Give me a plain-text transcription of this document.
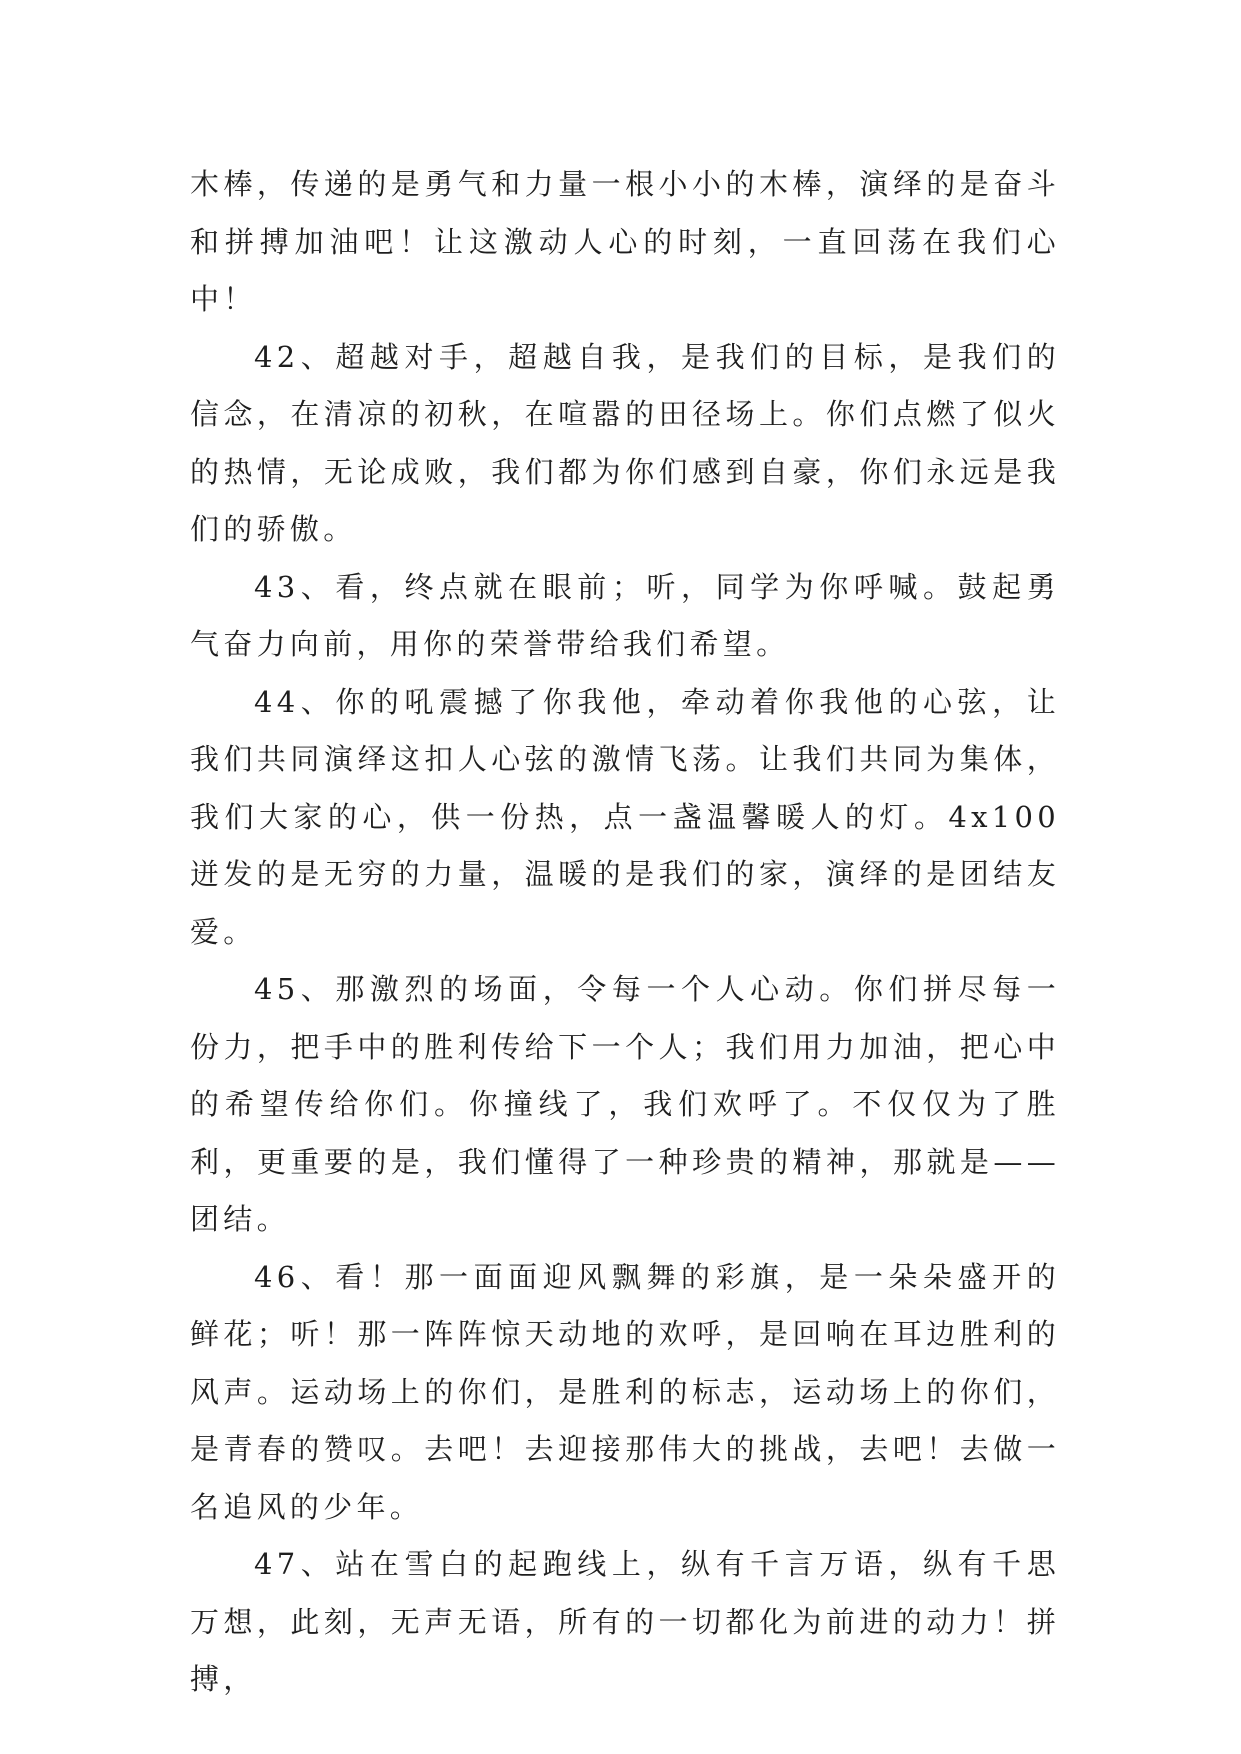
木棒，传递的是勇气和力量一根小小的木棒，演绎的是奋斗和拼搏加油吧！让这激动人心的时刻，一直回荡在我们心中！

42、超越对手，超越自我，是我们的目标，是我们的信念，在清凉的初秋，在喧嚣的田径场上。你们点燃了似火的热情，无论成败，我们都为你们感到自豪，你们永远是我们的骄傲。

43、看，终点就在眼前；听，同学为你呼喊。鼓起勇气奋力向前，用你的荣誉带给我们希望。

44、你的吼震撼了你我他，牵动着你我他的心弦，让我们共同演绎这扣人心弦的激情飞荡。让我们共同为集体，我们大家的心，供一份热，点一盏温馨暖人的灯。4x100 迸发的是无穷的力量，温暖的是我们的家，演绎的是团结友爱。

45、那激烈的场面，令每一个人心动。你们拼尽每一份力，把手中的胜利传给下一个人；我们用力加油，把心中的希望传给你们。你撞线了，我们欢呼了。不仅仅为了胜利，更重要的是，我们懂得了一种珍贵的精神，那就是——团结。

46、看！那一面面迎风飘舞的彩旗，是一朵朵盛开的鲜花；听！那一阵阵惊天动地的欢呼，是回响在耳边胜利的风声。运动场上的你们，是胜利的标志，运动场上的你们，是青春的赞叹。去吧！去迎接那伟大的挑战，去吧！去做一名追风的少年。

47、站在雪白的起跑线上，纵有千言万语，纵有千思万想，此刻，无声无语，所有的一切都化为前进的动力！拼搏，
